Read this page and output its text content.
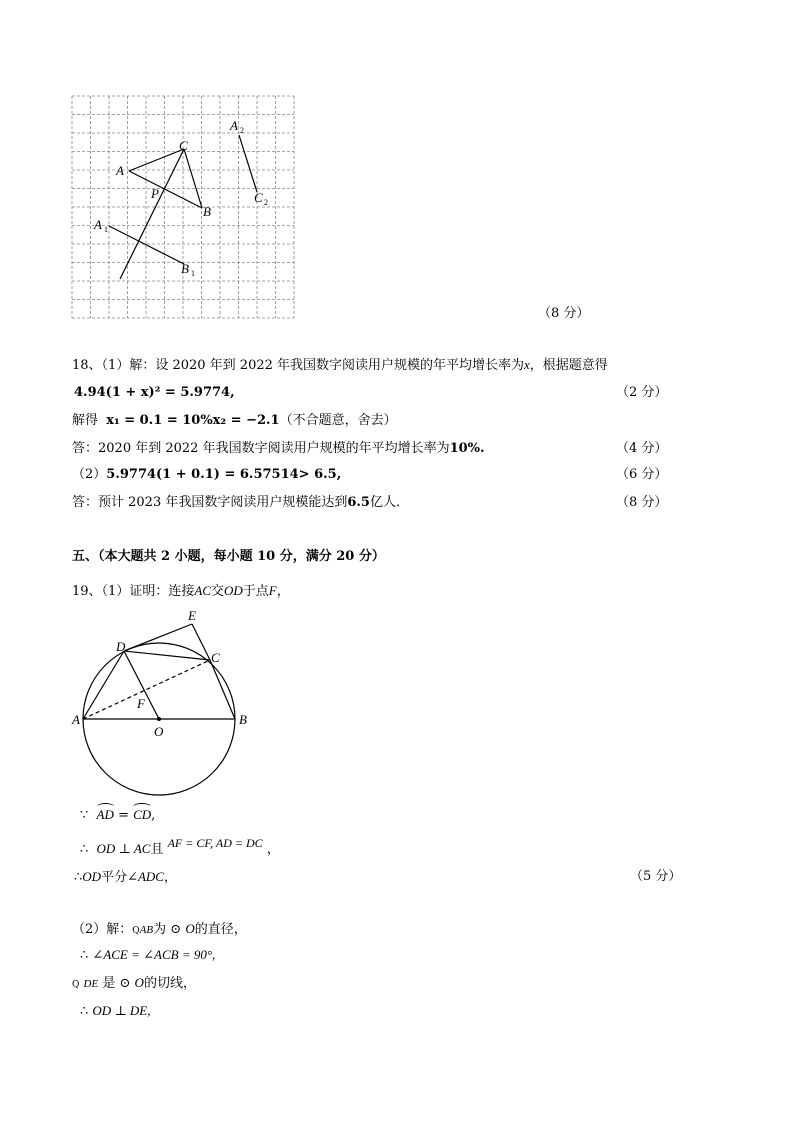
C
A
P
B
A 1
B 1
A 2
C 2
（8 分）
18、（1）解：设 2020 年到 2022 年我国数字阅读用户规模的年平均增长率为x，根据题意得
4.94(1 + x)² = 5.9774,	（2 分）
解得 x₁ = 0.1 = 10%x₂ = −2.1（不合题意，舍去）
答：2020 年到 2022 年我国数字阅读用户规模的年平均增长率为10%.	（4 分）
（2）5.9774(1 + 0.1) = 6.57514> 6.5,	（6 分）
答：预计 2023 年我国数字阅读用户规模能达到6.5亿人．	（8 分）
五、（本大题共 2 小题，每小题 10 分，满分 20 分）
19、（1）证明：连接AC交OD于点F，
E
D
C
A
F
O
B
∵ AD = CD,
∴ OD ⊥ AC且 AF = CF, AD = DC ，
∴OD平分∠ADC，	（5 分）
（2）解：QAB为 ⊙ O的直径，
∴ ∠ACE = ∠ACB = 90°,
Q DE 是 ⊙ O的切线，
∴ OD ⊥ DE,
